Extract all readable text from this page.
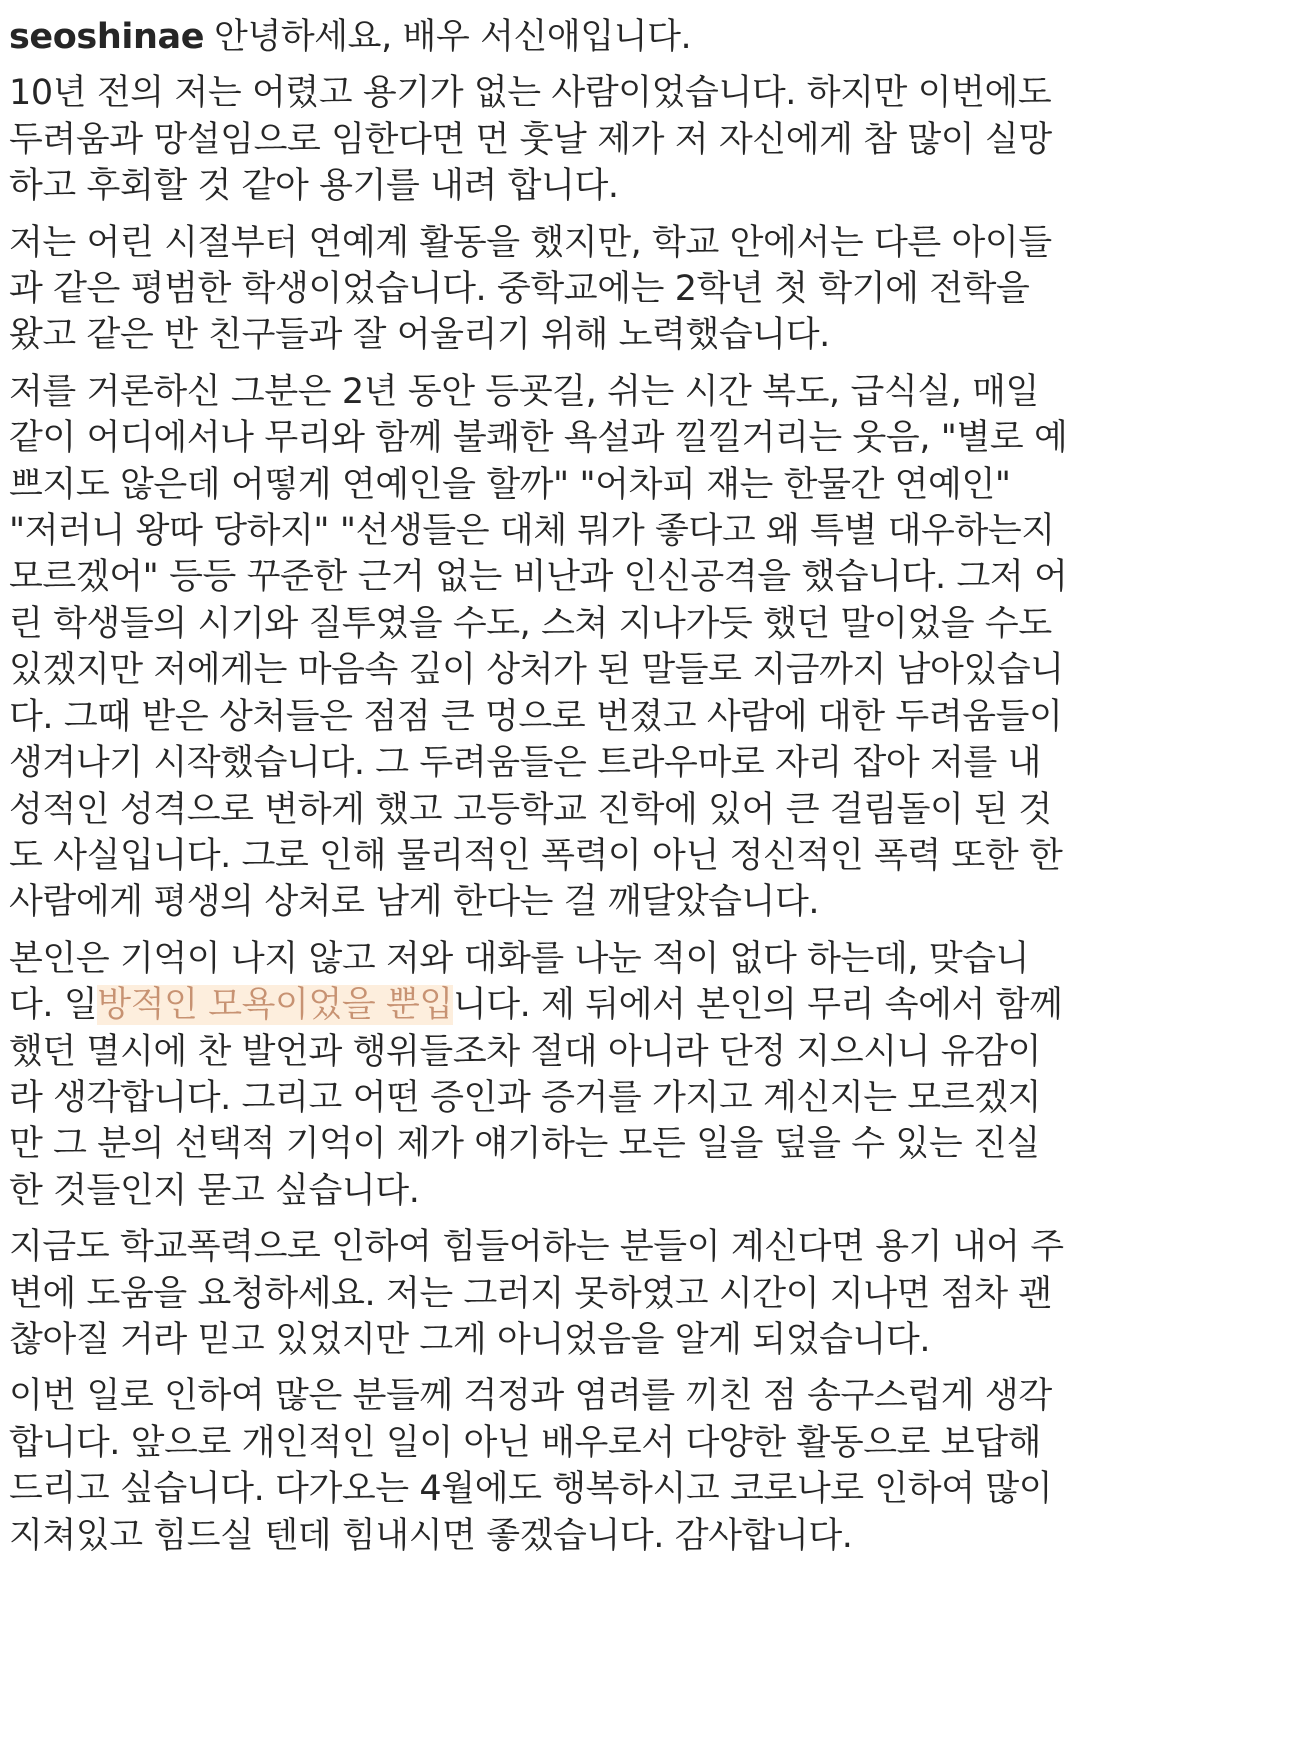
seoshinae 안녕하세요, 배우 서신애입니다.
10년 전의 저는 어렸고 용기가 없는 사람이었습니다. 하지만 이번에도
두려움과 망설임으로 임한다면 먼 훗날 제가 저 자신에게 참 많이 실망
하고 후회할 것 같아 용기를 내려 합니다.
저는 어린 시절부터 연예계 활동을 했지만, 학교 안에서는 다른 아이들
과 같은 평범한 학생이었습니다. 중학교에는 2학년 첫 학기에 전학을
왔고 같은 반 친구들과 잘 어울리기 위해 노력했습니다.
저를 거론하신 그분은 2년 동안 등굣길, 쉬는 시간 복도, 급식실, 매일
같이 어디에서나 무리와 함께 불쾌한 욕설과 낄낄거리는 웃음, "별로 예
쁘지도 않은데 어떻게 연예인을 할까" "어차피 쟤는 한물간 연예인"
"저러니 왕따 당하지" "선생들은 대체 뭐가 좋다고 왜 특별 대우하는지
모르겠어" 등등 꾸준한 근거 없는 비난과 인신공격을 했습니다. 그저 어
린 학생들의 시기와 질투였을 수도, 스쳐 지나가듯 했던 말이었을 수도
있겠지만 저에게는 마음속 깊이 상처가 된 말들로 지금까지 남아있습니
다. 그때 받은 상처들은 점점 큰 멍으로 번졌고 사람에 대한 두려움들이
생겨나기 시작했습니다. 그 두려움들은 트라우마로 자리 잡아 저를 내
성적인 성격으로 변하게 했고 고등학교 진학에 있어 큰 걸림돌이 된 것
도 사실입니다. 그로 인해 물리적인 폭력이 아닌 정신적인 폭력 또한 한
사람에게 평생의 상처로 남게 한다는 걸 깨달았습니다.
본인은 기억이 나지 않고 저와 대화를 나눈 적이 없다 하는데, 맞습니
다. 일방적인 모욕이었을 뿐입니다. 제 뒤에서 본인의 무리 속에서 함께
했던 멸시에 찬 발언과 행위들조차 절대 아니라 단정 지으시니 유감이
라 생각합니다. 그리고 어떤 증인과 증거를 가지고 계신지는 모르겠지
만 그 분의 선택적 기억이 제가 얘기하는 모든 일을 덮을 수 있는 진실
한 것들인지 묻고 싶습니다.
지금도 학교폭력으로 인하여 힘들어하는 분들이 계신다면 용기 내어 주
변에 도움을 요청하세요. 저는 그러지 못하였고 시간이 지나면 점차 괜
찮아질 거라 믿고 있었지만 그게 아니었음을 알게 되었습니다.
이번 일로 인하여 많은 분들께 걱정과 염려를 끼친 점 송구스럽게 생각
합니다. 앞으로 개인적인 일이 아닌 배우로서 다양한 활동으로 보답해
드리고 싶습니다. 다가오는 4월에도 행복하시고 코로나로 인하여 많이
지쳐있고 힘드실 텐데 힘내시면 좋겠습니다. 감사합니다.
